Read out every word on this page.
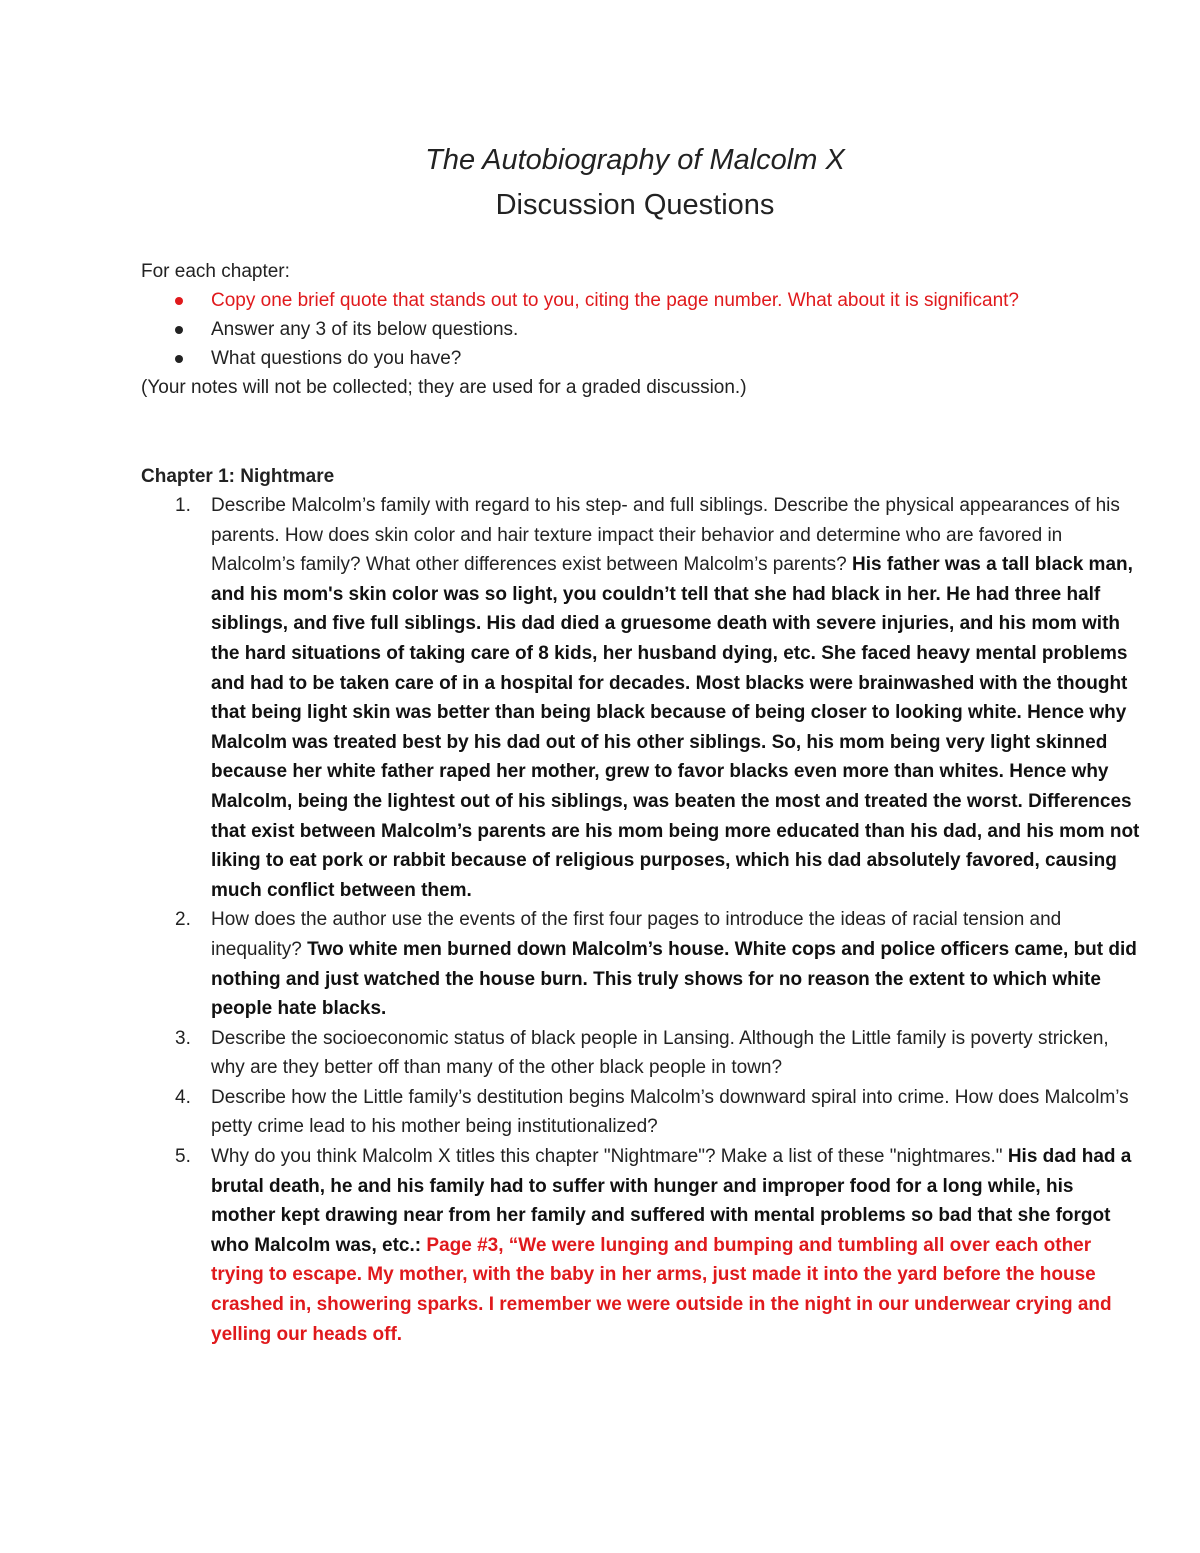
The Autobiography of Malcolm X
Discussion Questions
For each chapter:
Copy one brief quote that stands out to you, citing the page number. What about it is significant?
Answer any 3 of its below questions.
What questions do you have?
(Your notes will not be collected; they are used for a graded discussion.)
Chapter 1: Nightmare
1. Describe Malcolm’s family with regard to his step- and full siblings. Describe the physical appearances of his parents. How does skin color and hair texture impact their behavior and determine who are favored in Malcolm’s family? What other differences exist between Malcolm’s parents? His father was a tall black man, and his mom's skin color was so light, you couldn’t tell that she had black in her. He had three half siblings, and five full siblings. His dad died a gruesome death with severe injuries, and his mom with the hard situations of taking care of 8 kids, her husband dying, etc. She faced heavy mental problems and had to be taken care of in a hospital for decades. Most blacks were brainwashed with the thought that being light skin was better than being black because of being closer to looking white. Hence why Malcolm was treated best by his dad out of his other siblings. So, his mom being very light skinned because her white father raped her mother, grew to favor blacks even more than whites. Hence why Malcolm, being the lightest out of his siblings, was beaten the most and treated the worst. Differences that exist between Malcolm’s parents are his mom being more educated than his dad, and his mom not liking to eat pork or rabbit because of religious purposes, which his dad absolutely favored, causing much conflict between them.
2. How does the author use the events of the first four pages to introduce the ideas of racial tension and inequality? Two white men burned down Malcolm’s house. White cops and police officers came, but did nothing and just watched the house burn. This truly shows for no reason the extent to which white people hate blacks.
3. Describe the socioeconomic status of black people in Lansing. Although the Little family is poverty stricken, why are they better off than many of the other black people in town?
4. Describe how the Little family’s destitution begins Malcolm’s downward spiral into crime. How does Malcolm’s petty crime lead to his mother being institutionalized?
5. Why do you think Malcolm X titles this chapter "Nightmare"? Make a list of these "nightmares." His dad had a brutal death, he and his family had to suffer with hunger and improper food for a long while, his mother kept drawing near from her family and suffered with mental problems so bad that she forgot who Malcolm was, etc.: Page #3, “We were lunging and bumping and tumbling all over each other trying to escape. My mother, with the baby in her arms, just made it into the yard before the house crashed in, showering sparks. I remember we were outside in the night in our underwear crying and yelling our heads off.
